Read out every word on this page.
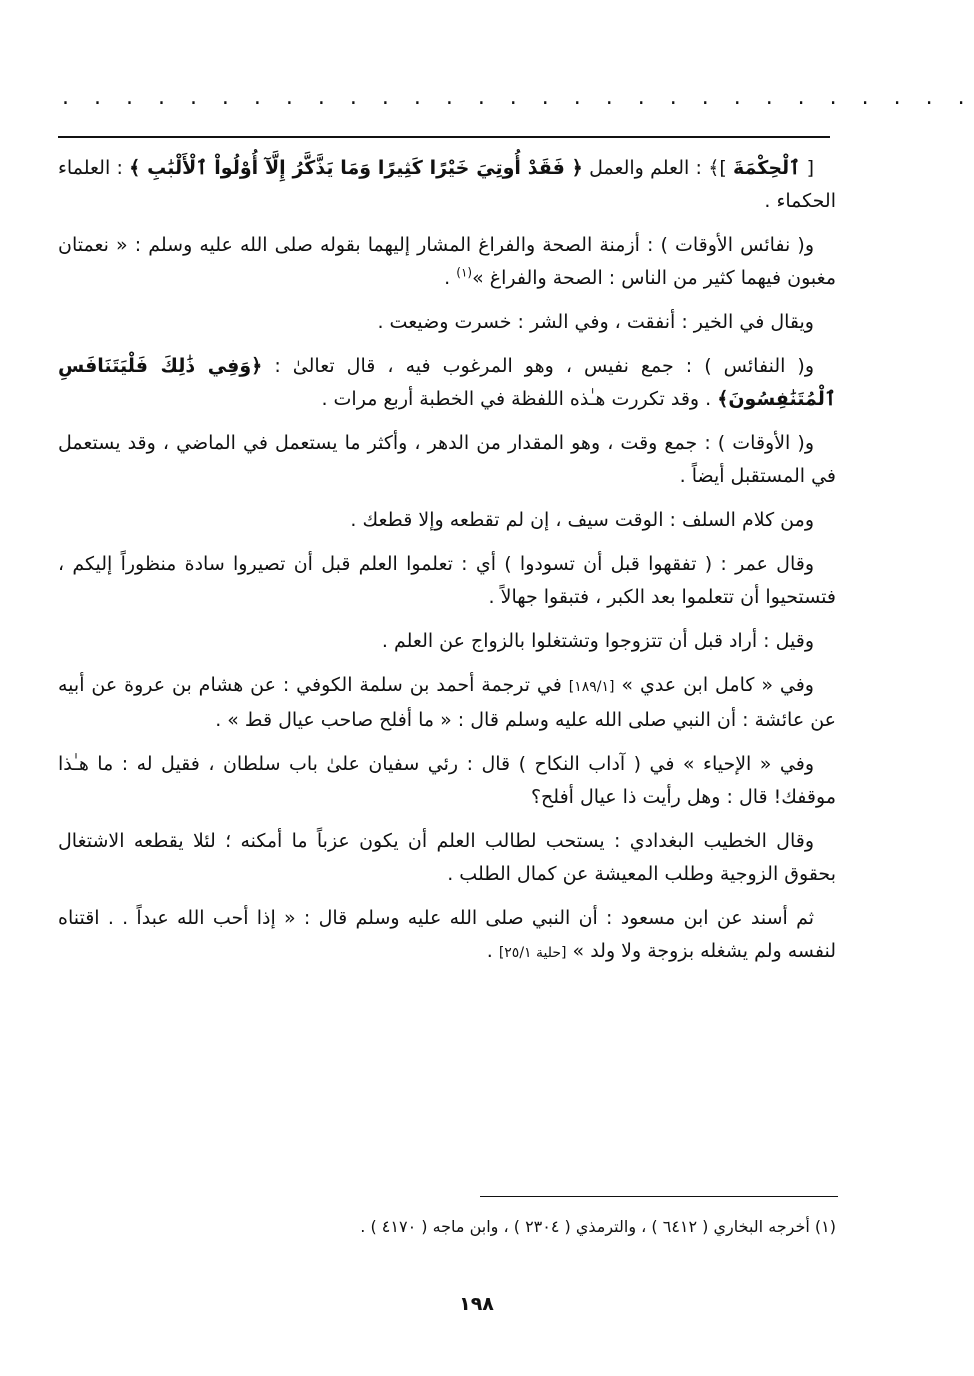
. . . . . . . . . . . . . . . . . . . . . . . . . . . . .

[ ٱلْحِكْمَةَ ]﴾ : العلم والعمل ﴿ فَقَدْ أُوتِيَ خَيْرًا كَثِيرًا وَمَا يَذَّكَّرُ إِلَّآ أُوْلُواْ ٱلْأَلْبَٰبِ ﴾ : العلماء الحكماء .

و( نفائس الأوقات ) : أزمنة الصحة والفراغ المشار إليهما بقوله صلى الله عليه وسلم : « نعمتان مغبون فيهما كثير من الناس : الصحة والفراغ »$^{(١)}$ .

ويقال في الخير : أنفقت ، وفي الشر : خسرت وضيعت .

و( النفائس ) : جمع نفيس ، وهو المرغوب فيه ، قال تعالىٰ : ﴿وَفِي ذَٰلِكَ فَلْيَتَنَافَسِ ٱلْمُتَنَٰفِسُونَ﴾ . وقد تكررت هـٰذه اللفظة في الخطبة أربع مرات .

و( الأوقات ) : جمع وقت ، وهو المقدار من الدهر ، وأكثر ما يستعمل في الماضي ، وقد يستعمل في المستقبل أيضاً .

ومن كلام السلف : الوقت سيف ، إن لم تقطعه وإلا قطعك .

وقال عمر : ( تفقهوا قبل أن تسودوا ) أي : تعلموا العلم قبل أن تصيروا سادة منظوراً إليكم ، فتستحيوا أن تتعلموا بعد الكبر ، فتبقوا جهالاً .

وقيل : أراد قبل أن تتزوجوا وتشتغلوا بالزواج عن العلم .

وفي « كامل ابن عدي » [١٨٩/١] في ترجمة أحمد بن سلمة الكوفي : عن هشام بن عروة عن أبيه عن عائشة : أن النبي صلى الله عليه وسلم قال : « ما أفلح صاحب عيال قط » .

وفي « الإحياء » في ( آداب النكاح ) قال : رئي سفيان علىٰ باب سلطان ، فقيل له : ما هـٰذا موقفك! قال : وهل رأيت ذا عيال أفلح؟

وقال الخطيب البغدادي : يستحب لطالب العلم أن يكون عزباً ما أمكنه ؛ لئلا يقطعه الاشتغال بحقوق الزوجية وطلب المعيشة عن كمال الطلب .

ثم أسند عن ابن مسعود : أن النبي صلى الله عليه وسلم قال : « إذا أحب الله عبداً . . اقتناه لنفسه ولم يشغله بزوجة ولا ولد » [حلية ٢٥/١] .

(١) أخرجه البخاري ( ٦٤١٢ ) ، والترمذي ( ٢٣٠٤ ) ، وابن ماجه ( ٤١٧٠ ) .
١٩٨
